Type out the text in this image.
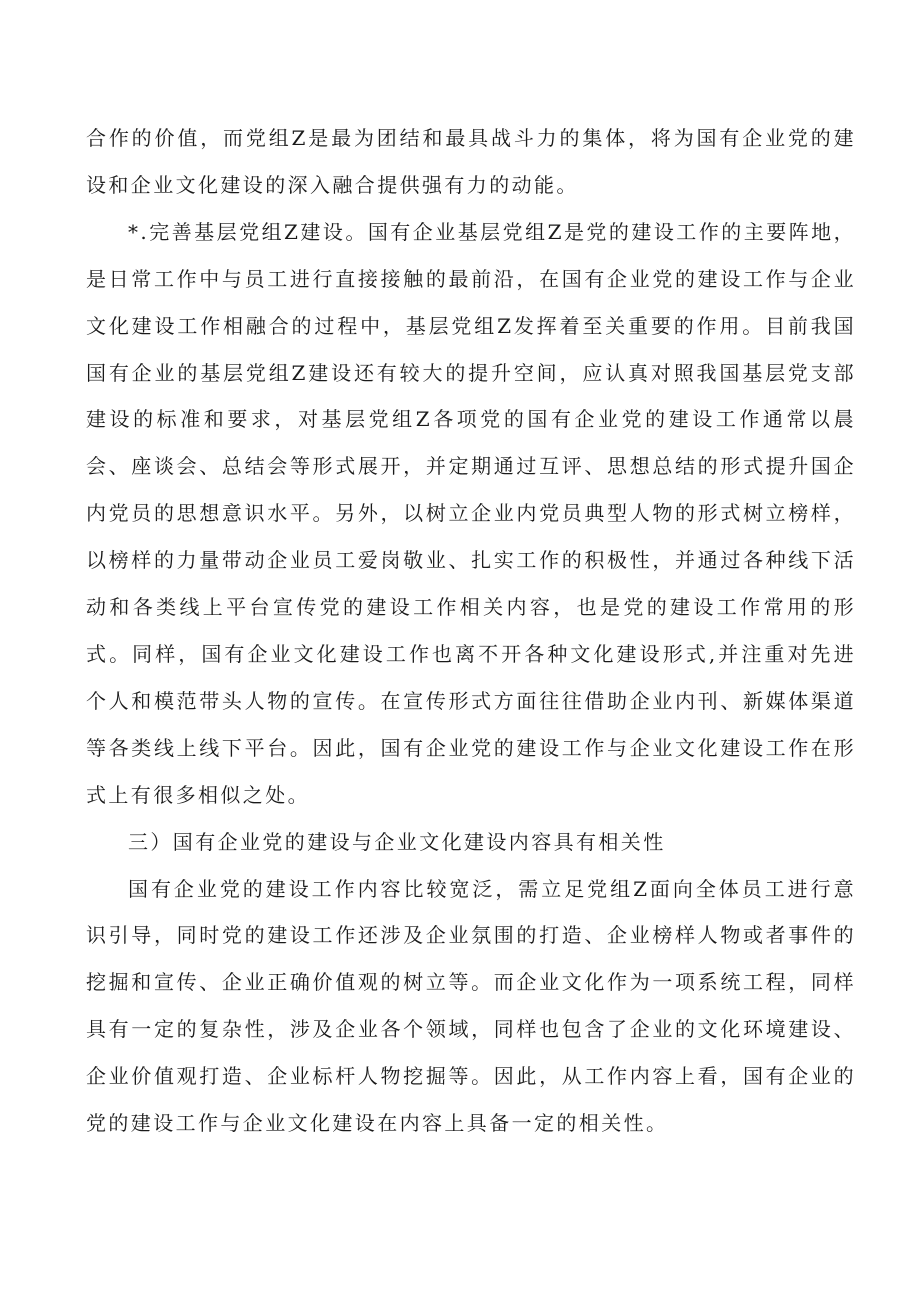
合作的价值，而党组Z是最为团结和最具战斗力的集体，将为国有企业党的建设和企业文化建设的深入融合提供强有力的动能。

*.完善基层党组Z建设。国有企业基层党组Z是党的建设工作的主要阵地，是日常工作中与员工进行直接接触的最前沿，在国有企业党的建设工作与企业文化建设工作相融合的过程中，基层党组Z发挥着至关重要的作用。目前我国国有企业的基层党组Z建设还有较大的提升空间，应认真对照我国基层党支部建设的标准和要求，对基层党组Z各项党的国有企业党的建设工作通常以晨会、座谈会、总结会等形式展开，并定期通过互评、思想总结的形式提升国企内党员的思想意识水平。另外，以树立企业内党员典型人物的形式树立榜样，以榜样的力量带动企业员工爱岗敬业、扎实工作的积极性，并通过各种线下活动和各类线上平台宣传党的建设工作相关内容，也是党的建设工作常用的形式。同样，国有企业文化建设工作也离不开各种文化建设形式,并注重对先进个人和模范带头人物的宣传。在宣传形式方面往往借助企业内刊、新媒体渠道等各类线上线下平台。因此，国有企业党的建设工作与企业文化建设工作在形式上有很多相似之处。

三）国有企业党的建设与企业文化建设内容具有相关性

国有企业党的建设工作内容比较宽泛，需立足党组Z面向全体员工进行意识引导，同时党的建设工作还涉及企业氛围的打造、企业榜样人物或者事件的挖掘和宣传、企业正确价值观的树立等。而企业文化作为一项系统工程，同样具有一定的复杂性，涉及企业各个领域，同样也包含了企业的文化环境建设、企业价值观打造、企业标杆人物挖掘等。因此，从工作内容上看，国有企业的党的建设工作与企业文化建设在内容上具备一定的相关性。
